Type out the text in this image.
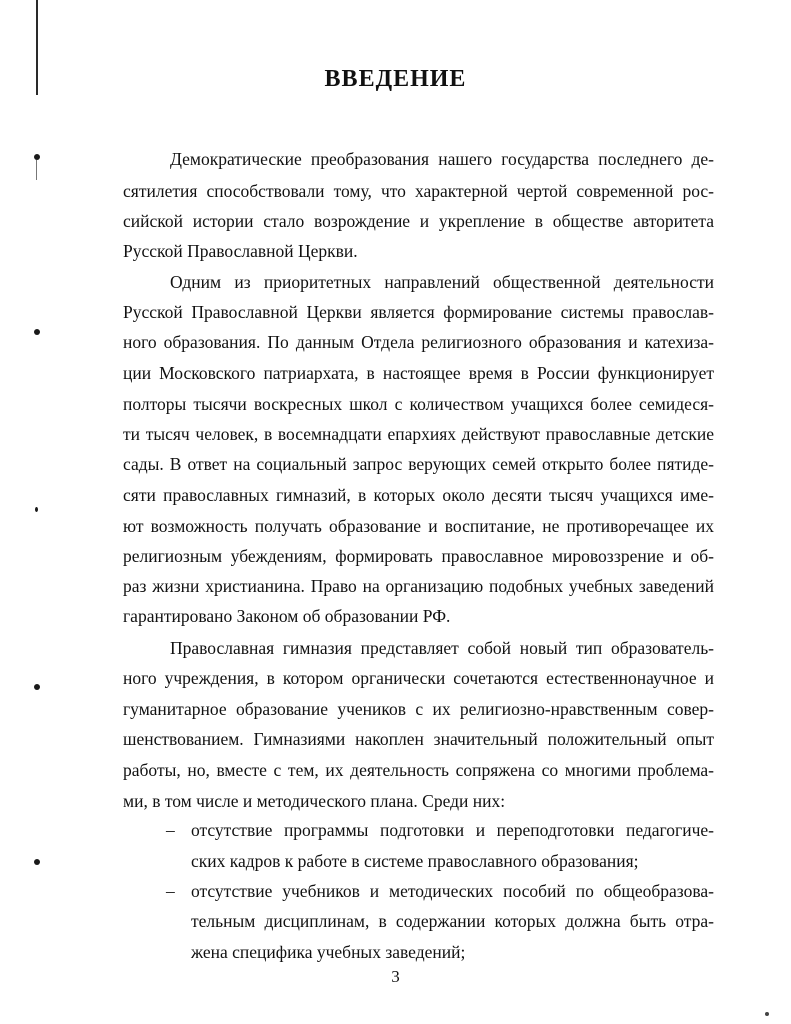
ВВЕДЕНИЕ
Демократические преобразования нашего государства последнего де-
сятилетия способствовали тому, что характерной чертой современной рос-
сийской истории стало возрождение и укрепление в обществе авторитета
Русской Православной Церкви.
Одним из приоритетных направлений общественной деятельности
Русской Православной Церкви является формирование системы православ-
ного образования. По данным Отдела религиозного образования и катехиза-
ции Московского патриархата, в настоящее время в России функционирует
полторы тысячи воскресных школ с количеством учащихся более семидеся-
ти тысяч человек, в восемнадцати епархиях действуют православные детские
сады. В ответ на социальный запрос верующих семей открыто более пятиде-
сяти православных гимназий, в которых около десяти тысяч учащихся име-
ют возможность получать образование и воспитание, не противоречащее их
религиозным убеждениям, формировать православное мировоззрение и об-
раз жизни христианина. Право на организацию подобных учебных заведений
гарантировано Законом об образовании РФ.
Православная гимназия представляет собой новый тип образователь-
ного учреждения, в котором органически сочетаются естественнонаучное и
гуманитарное образование учеников с их религиозно-нравственным совер-
шенствованием. Гимназиями накоплен значительный положительный опыт
работы, но, вместе с тем, их деятельность сопряжена со многими проблема-
ми, в том числе и методического плана. Среди них:
– отсутствие программы подготовки и переподготовки педагогиче-
ских кадров к работе в системе православного образования;
– отсутствие учебников и методических пособий по общеобразова-
тельным дисциплинам, в содержании которых должна быть отра-
жена специфика учебных заведений;
3
